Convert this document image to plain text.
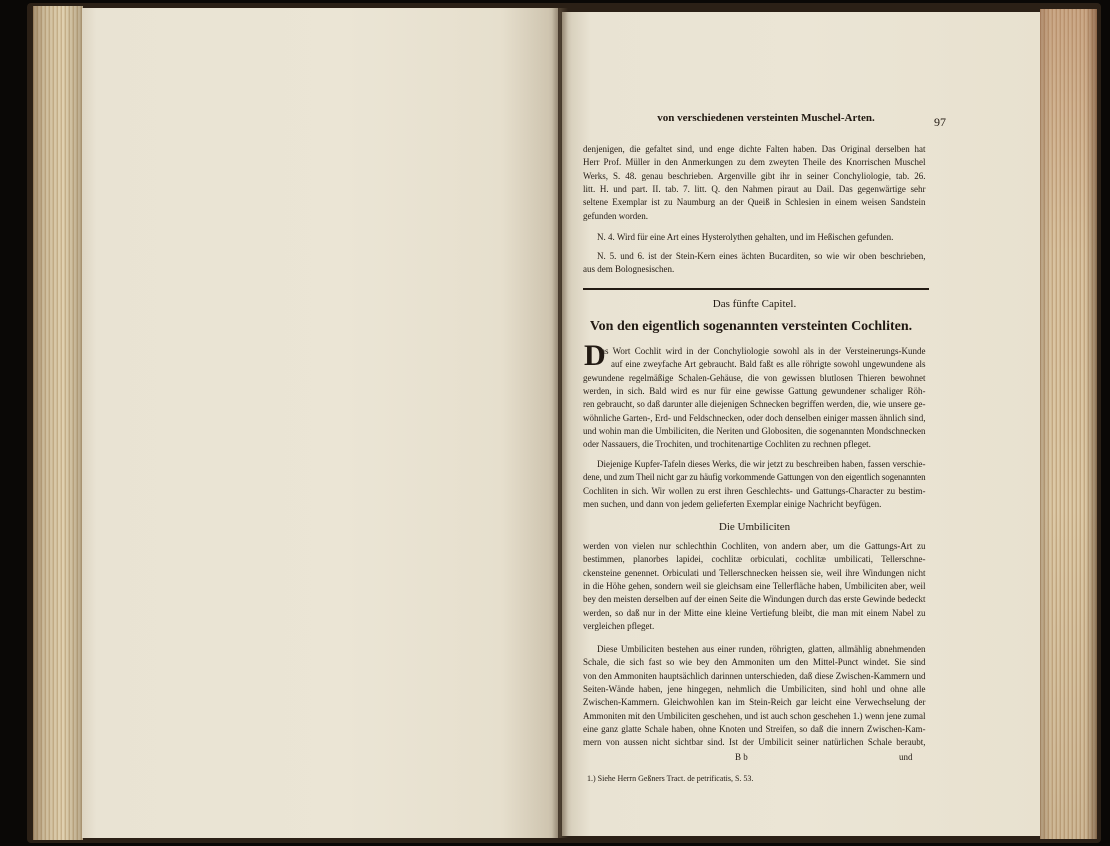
von verschiedenen versteinten Muschel-Arten.	97
denjenigen, die gefaltet sind, und enge dichte Falten haben. Das Original derselben hat
Herr Prof. Müller in den Anmerkungen zu dem zweyten Theile des Knorrischen Muschel
Werks, S. 48. genau beschrieben. Argenville gibt ihr in seiner Conchyliologie, tab. 26.
litt. H. und part. II. tab. 7. litt. Q. den Nahmen piraut au Dail. Das gegenwärtige sehr
seltene Exemplar ist zu Naumburg an der Queiß in Schlesien in einem weisen Sandstein
gefunden worden.
N. 4. Wird für eine Art eines Hysterolythen gehalten, und im Heßischen gefunden.
N. 5. und 6. ist der Stein-Kern eines ächten Bucarditen, so wie wir oben beschrieben,
aus dem Bolognesischen.
Das fünfte Capitel.
Von den eigentlich sogenannten versteinten Cochliten.
D
as Wort Cochlit wird in der Conchyliologie sowohl als in der Versteinerungs-Kunde
auf eine zweyfache Art gebraucht. Bald faßt es alle röhrigte sowohl ungewundene als
gewundene regelmäßige Schalen-Gehäuse, die von gewissen blutlosen Thieren bewohnet
werden, in sich. Bald wird es nur für eine gewisse Gattung gewundener schaliger Röh-
ren gebraucht, so daß darunter alle diejenigen Schnecken begriffen werden, die, wie unsere ge-
wöhnliche Garten-, Erd- und Feldschnecken, oder doch denselben einiger massen ähnlich sind,
und wohin man die Umbiliciten, die Neriten und Globositen, die sogenannten Mondschnecken
oder Nassauers, die Trochiten, und trochitenartige Cochliten zu rechnen pfleget.
Diejenige Kupfer-Tafeln dieses Werks, die wir jetzt zu beschreiben haben, fassen verschie-
dene, und zum Theil nicht gar zu häufig vorkommende Gattungen von den eigentlich sogenannten
Cochliten in sich. Wir wollen zu erst ihren Geschlechts- und Gattungs-Character zu bestim-
men suchen, und dann von jedem gelieferten Exemplar einige Nachricht beyfügen.
Die Umbiliciten
werden von vielen nur schlechthin Cochliten, von andern aber, um die Gattungs-Art zu
bestimmen, planorbes lapidei, cochlitæ orbiculati, cochlitæ umbilicati, Tellerschne-
ckensteine genennet. Orbiculati und Tellerschnecken heissen sie, weil ihre Windungen nicht
in die Höhe gehen, sondern weil sie gleichsam eine Tellerfläche haben, Umbiliciten aber, weil
bey den meisten derselben auf der einen Seite die Windungen durch das erste Gewinde bedeckt
werden, so daß nur in der Mitte eine kleine Vertiefung bleibt, die man mit einem Nabel zu
vergleichen pfleget.
Diese Umbiliciten bestehen aus einer runden, röhrigten, glatten, allmählig abnehmenden
Schale, die sich fast so wie bey den Ammoniten um den Mittel-Punct windet. Sie sind
von den Ammoniten hauptsächlich darinnen unterschieden, daß diese Zwischen-Kammern und
Seiten-Wände haben, jene hingegen, nehmlich die Umbiliciten, sind hohl und ohne alle
Zwischen-Kammern. Gleichwohlen kan im Stein-Reich gar leicht eine Verwechselung der
Ammoniten mit den Umbiliciten geschehen, und ist auch schon geschehen 1.) wenn jene zumal
eine ganz glatte Schale haben, ohne Knoten und Streifen, so daß die innern Zwischen-Kam-
mern von aussen nicht sichtbar sind. Ist der Umbilicit seiner natürlichen Schale beraubt,
B b	und
1.) Siehe Herrn Geßners Tract. de petrificatis, S. 53.
